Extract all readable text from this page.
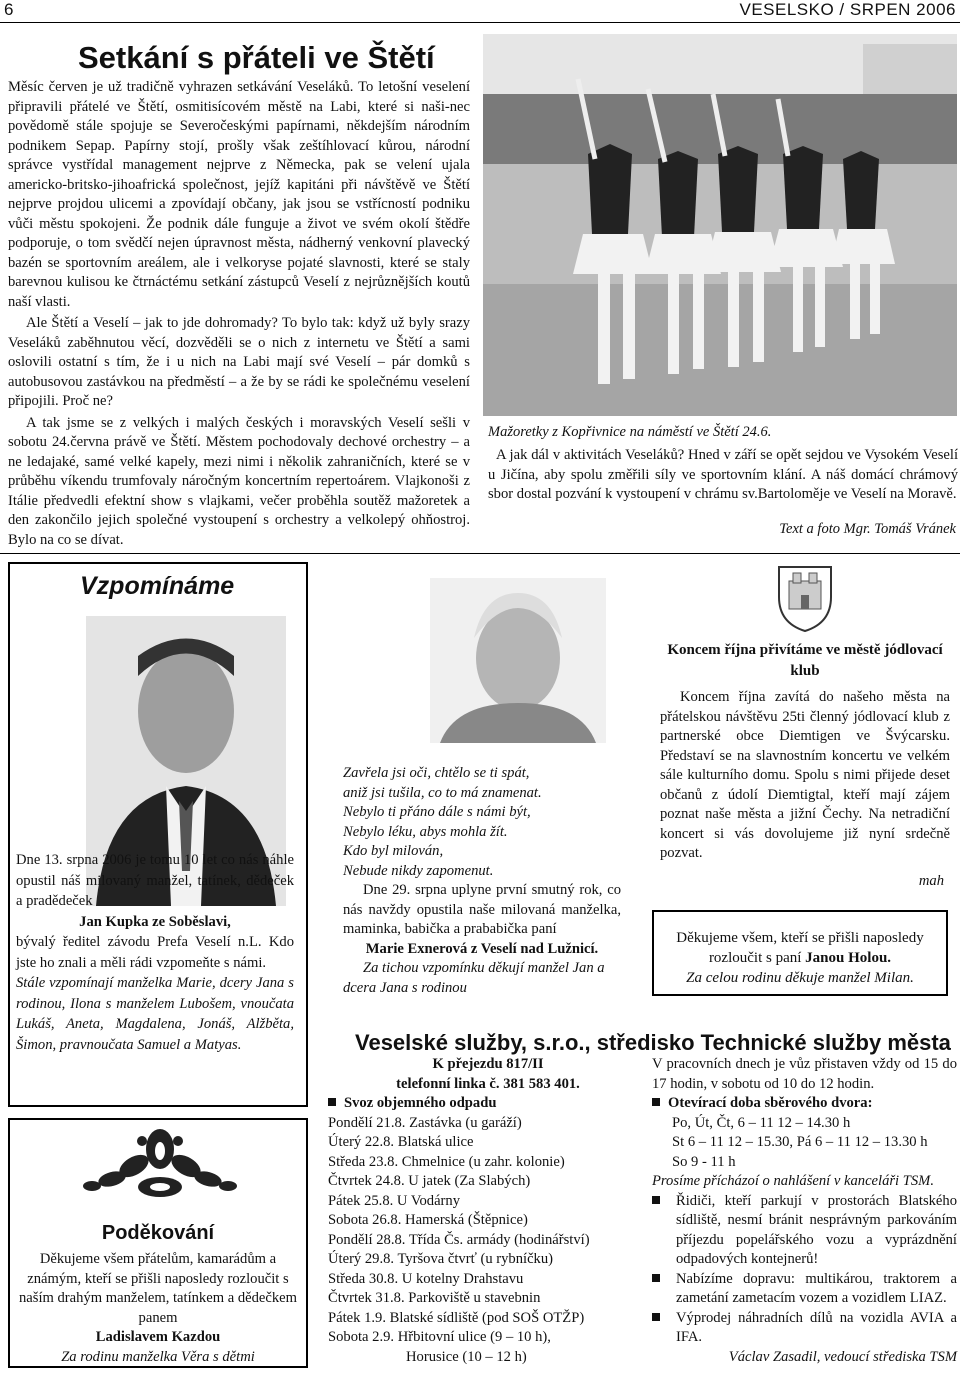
6	VESELSKO / SRPEN 2006
Setkání s přáteli ve Štětí

Měsíc červen je už tradičně vyhrazen setkávání Veseláků. To letošní veselení připravili přátelé ve Štětí, osmitisícovém městě na Labi, které si naši-nec povědomě stále spojuje se Severočeskými papírnami, někdejším národním podnikem Sepap. Papírny stojí, prošly však zeštíhlovací kůrou, národní správce vystřídal management nejprve z Německa, pak se velení ujala americko-britsko-jihoafrická společnost, jejíž kapitáni při návštěvě ve Štětí nejprve projdou ulicemi a zpovídají občany, jak jsou se vstřícností podniku vůči městu spokojeni. Že podnik dále funguje a život ve svém okolí štědře podporuje, o tom svědčí nejen úpravnost města, nádherný venkovní plavecký bazén se sportovním areálem, ale i velkoryse pojaté slavnosti, které se staly barevnou kulisou ke čtrnáctému setkání zástupců Veselí z nejrůznějších koutů naší vlasti.

Ale Štětí a Veselí – jak to jde dohromady? To bylo tak: když už byly srazy Veseláků zaběhnutou věcí, dozvěděli se o nich z internetu ve Štětí a sami oslovili ostatní s tím, že i u nich na Labi mají své Veselí – pár domků s autobusovou zastávkou na předměstí – a že by se rádi ke společnému veselení připojili. Proč ne?

A tak jsme se z velkých i malých českých i moravských Veselí sešli v sobotu 24.června právě ve Štětí. Městem pochodovaly dechové orchestry – a ne ledajaké, samé velké kapely, mezi nimi i několik zahraničních, které se v průběhu víkendu trumfovaly náročným koncertním repertoárem. Vlajkonoši z Itálie předvedli efektní show s vlajkami, večer proběhla soutěž mažoretek a den zakončilo jejich společné vystoupení s orchestry a velkolepý ohňostroj. Bylo na co se dívat.

Mažoretky z Kopřivnice na náměstí ve Štětí 24.6.

A jak dál v aktivitách Veseláků? Hned v září se opět sejdou ve Vysokém Veselí u Jičína, aby spolu změřili síly ve sportovním klání. A náš domácí chrámový sbor dostal pozvání k vystoupení v chrámu sv.Bartoloměje ve Veselí na Moravě.

Text a foto Mgr. Tomáš Vránek
Vzpomínáme

Dne 13. srpna 2006 je tomu 10 let co nás náhle opustil náš milovaný manžel, tatínek, dědeček a pradědeček

Jan Kupka ze Soběslavi,

bývalý ředitel závodu Prefa Veselí n.L. Kdo jste ho znali a měli rádi vzpomeňte s námi.

Stále vzpomínají manželka Marie, dcery Jana s rodinou, Ilona s manželem Lubošem, vnoučata Lukáš, Aneta, Magdalena, Jonáš, Alžběta, Šimon, pravnoučata Samuel a Matyas.

Zavřela jsi oči, chtělo se ti spát,

aniž jsi tušila, co to má znamenat.

Nebylo ti přáno dále s námi být,

Nebylo léku, abys mohla žít.

Kdo byl milován,

Nebude nikdy zapomenut.

Dne 29. srpna uplyne první smutný rok, co nás navždy opustila naše milovaná manželka, maminka, babička a prababička paní

Marie Exnerová z Veselí nad Lužnicí.

Za tichou vzpomínku děkují manžel Jan a dcera Jana s rodinou

Koncem října přivítáme ve městě jódlovací klub

Koncem října zavítá do našeho města na přátelskou návštěvu 25ti členný jódlovací klub z partnerské obce Diemtigen ve Švýcarsku. Představí se na slavnostním koncertu ve velkém sále kulturního domu. Spolu s nimi přijede deset občanů z údolí Diemtigtal, kteří mají zájem poznat naše města a jižní Čechy. Na netradiční koncert si vás dovolujeme již nyní srdečně pozvat.

mah

Děkujeme všem, kteří se přišli naposledy rozloučit s paní Janou Holou.
Za celou rodinu děkuje manžel Milan.
Poděkování

Děkujeme všem přátelům, kamarádům a známým, kteří se přišli naposledy rozloučit s naším drahým manželem, tatínkem a dědečkem panem

Ladislavem Kazdou

Za rodinu manželka Věra s dětmi

Veselské služby, s.r.o., středisko Technické služby města

K přejezdu 817/II

telefonní linka č. 381 583 401.

Svoz objemného odpadu

Pondělí 21.8. Zastávka (u garáží)

Úterý 22.8. Blatská ulice

Středa 23.8. Chmelnice (u zahr. kolonie)

Čtvrtek 24.8. U jatek (Za Slabých)

Pátek 25.8. U Vodárny

Sobota 26.8. Hamerská (Štěpnice)

Pondělí 28.8. Třída Čs. armády (hodinářství)

Úterý 29.8. Tyršova čtvrť (u rybníčku)

Středa 30.8. U kotelny Drahstavu

Čtvrtek 31.8. Parkoviště u stavebnin

Pátek 1.9. Blatské sídliště (pod SOŠ OTŽP)

Sobota 2.9. Hřbitovní ulice (9 – 10 h),

Horusice (10 – 12 h)

V pracovních dnech je vůz přistaven vždy od 15 do 17 hodin, v sobotu od 10 do 12 hodin.

Otevírací doba sběrového dvora:

Po, Út, Čt, 6 – 11 12 – 14.30 h

St 6 – 11 12 – 15.30, Pá 6 – 11 12 – 13.30 h

So 9 - 11 h

Prosíme přícházoí o nahlášení v kanceláři TSM.

Řidiči, kteří parkují v prostorách Blatského sídliště, nesmí bránit nesprávným parkováním příjezdu popelářského vozu a vyprázdnění odpadových kontejnerů!

Nabízíme dopravu: multikárou, traktorem a zametání zametacím vozem a vozidlem LIAZ.

Výprodej náhradních dílů na vozidla AVIA a IFA.

Václav Zasadil, vedoucí střediska TSM
